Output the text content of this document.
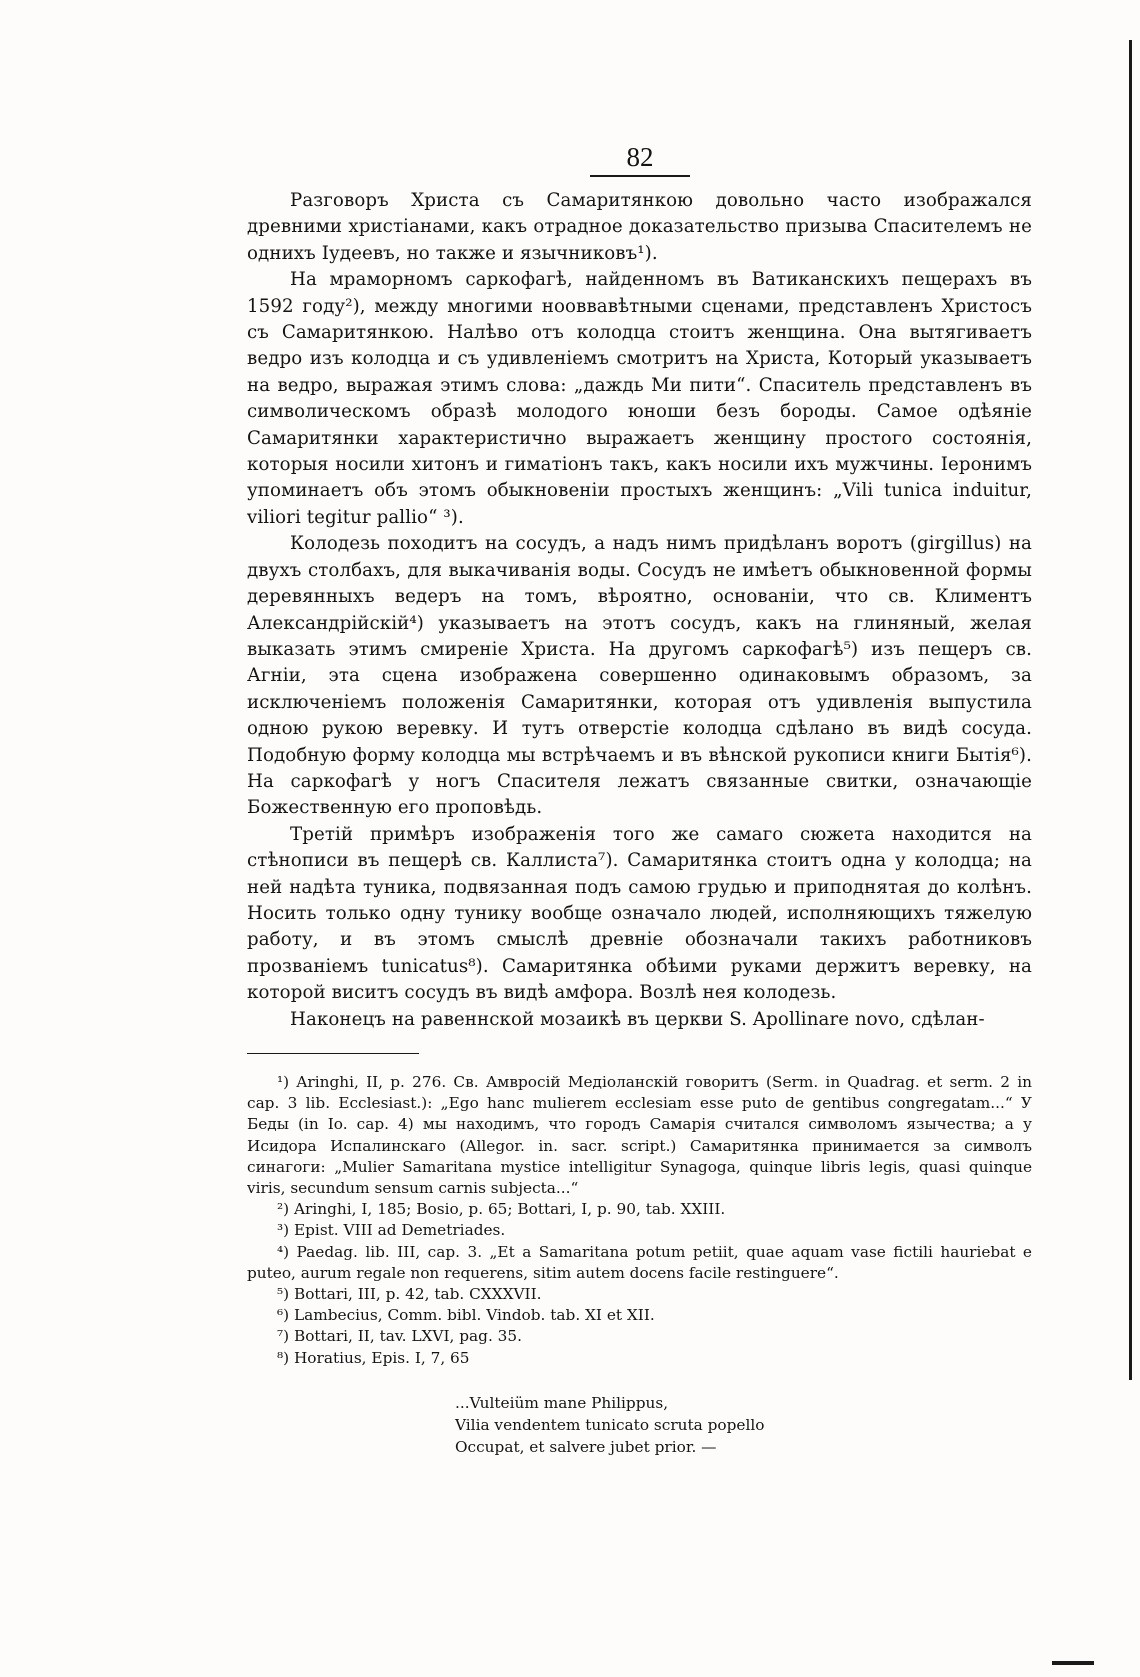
82

Разговоръ Христа съ Самаритянкою довольно часто изображался древними христіанами, какъ отрадное доказательство призыва Спасителемъ не однихъ Іудеевъ, но также и язычниковъ¹).

На мраморномъ саркофагѣ, найденномъ въ Ватиканскихъ пещерахъ въ 1592 году²), между многими нооввавѣтными сценами, представленъ Христосъ съ Самаритянкою. Налѣво отъ колодца стоитъ женщина. Она вытягиваетъ ведро изъ колодца и съ удивленіемъ смотритъ на Христа, Который указываетъ на ведро, выражая этимъ слова: „даждь Ми пити“. Спаситель представленъ въ символическомъ образѣ молодого юноши безъ бороды. Самое одѣяніе Самаритянки характеристично выражаетъ женщину простого состоянія, которыя носили хитонъ и гиматіонъ такъ, какъ носили ихъ мужчины. Іеронимъ упоминаетъ объ этомъ обыкновеніи простыхъ женщинъ: „Vili tunica induitur, viliori tegitur pallio“ ³).

Колодезь походитъ на сосудъ, а надъ нимъ придѣланъ воротъ (girgillus) на двухъ столбахъ, для выкачиванія воды. Сосудъ не имѣетъ обыкновенной формы деревянныхъ ведеръ на томъ, вѣроятно, основаніи, что св. Климентъ Александрійскій⁴) указываетъ на этотъ сосудъ, какъ на глиняный, желая выказать этимъ смиреніе Христа. На другомъ саркофагѣ⁵) изъ пещеръ св. Агніи, эта сцена изображена совершенно одинаковымъ образомъ, за исключеніемъ положенія Самаритянки, которая отъ удивленія выпустила одною рукою веревку. И тутъ отверстіе колодца сдѣлано въ видѣ сосуда. Подобную форму колодца мы встрѣчаемъ и въ вѣнской рукописи книги Бытія⁶). На саркофагѣ у ногъ Спасителя лежатъ связанные свитки, означающіе Божественную его проповѣдь.

Третій примѣръ изображенія того же самаго сюжета находится на стѣнописи въ пещерѣ св. Каллиста⁷). Самаритянка стоитъ одна у колодца; на ней надѣта туника, подвязанная подъ самою грудью и приподнятая до колѣнъ. Носить только одну тунику вообще означало людей, исполняющихъ тяжелую работу, и въ этомъ смыслѣ древніе обозначали такихъ работниковъ прозваніемъ tunicatus⁸). Самаритянка обѣими руками держитъ веревку, на которой виситъ сосудъ въ видѣ амфора. Возлѣ нея колодезь.

Наконецъ на равеннской мозаикѣ въ церкви S. Apollinare novo, сдѣлан-

¹) Aringhi, II, p. 276. Св. Амвросій Медіоланскій говоритъ (Serm. in Quadrag. et serm. 2 in cap. 3 lib. Ecclesiast.): „Ego hanc mulierem ecclesiam esse puto de gentibus congregatam...“ У Беды (in Io. cap. 4) мы находимъ, что городъ Самарія считался символомъ язычества; а у Исидора Испалинскаго (Allegor. in. sacr. script.) Самаритянка принимается за символъ синагоги: „Mulier Samaritana mystice intelligitur Synagoga, quinque libris legis, quasi quinque viris, secundum sensum carnis subjecta...“

²) Aringhi, I, 185; Bosio, p. 65; Bottari, I, p. 90, tab. XXIII.

³) Epist. VIII ad Demetriades.

⁴) Paedag. lib. III, cap. 3. „Et a Samaritana potum petiit, quae aquam vase fictili hauriebat e puteo, aurum regale non requerens, sitim autem docens facile restinguere“.

⁵) Bottari, III, p. 42, tab. CXXXVII.

⁶) Lambecius, Comm. bibl. Vindob. tab. XI et XII.

⁷) Bottari, II, tav. LXVI, pag. 35.

⁸) Horatius, Epis. I, 7, 65

...Vulteiüm mane Philippus,
Vilia vendentem tunicato scruta popello
Occupat, et salvere jubet prior. —
